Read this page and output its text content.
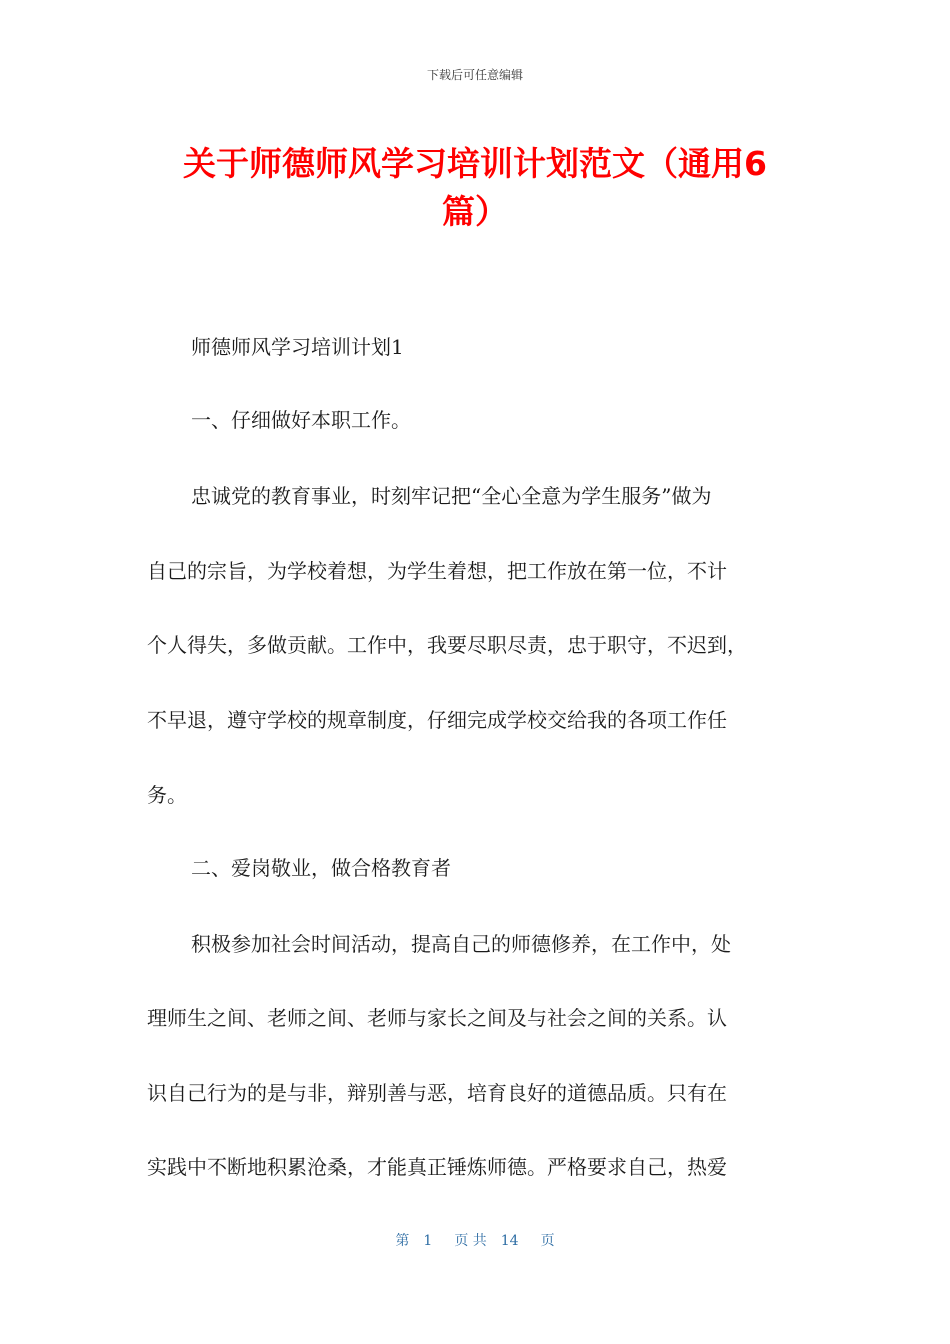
下载后可任意编辑
关于师德师风学习培训计划范文（通用6
篇）
师德师风学习培训计划1
一、仔细做好本职工作。
忠诚党的教育事业，时刻牢记把“全心全意为学生服务”做为
自己的宗旨，为学校着想，为学生着想，把工作放在第一位，不计
个人得失，多做贡献。工作中，我要尽职尽责，忠于职守，不迟到，
不早退，遵守学校的规章制度，仔细完成学校交给我的各项工作任
务。
二、爱岗敬业，做合格教育者
积极参加社会时间活动，提高自己的师德修养，在工作中，处
理师生之间、老师之间、老师与家长之间及与社会之间的关系。认
识自己行为的是与非，辩别善与恶，培育良好的道德品质。只有在
实践中不断地积累沧桑，才能真正锤炼师德。严格要求自己，热爱
第 1 页 共 14 页
